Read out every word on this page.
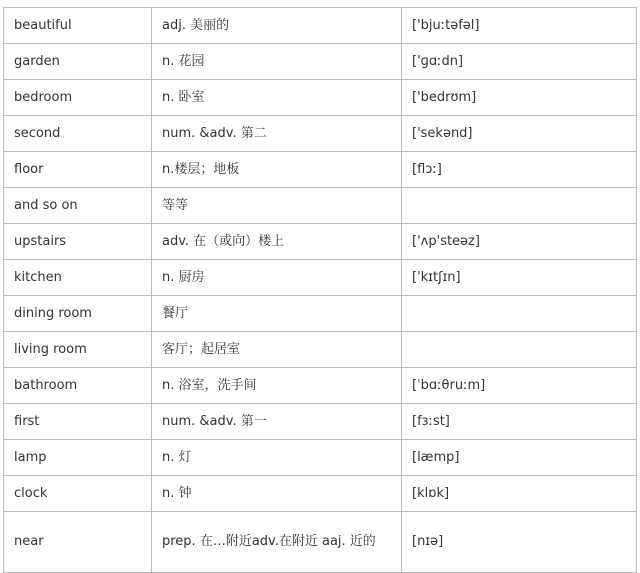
beautiful	adj. 美丽的	['bjuːtəfəl]
garden	n. 花园	['ɡɑːdn]
bedroom	n. 卧室	['bedrʊm]
second	num. &adv. 第二	['sekənd]
floor	n.楼层；地板	[flɔː]
and so on	等等	
upstairs	adv. 在（或向）楼上	['ʌp'steəz]
kitchen	n. 厨房	['kɪtʃɪn]
dining room	餐厅	
living room	客厅；起居室	
bathroom	n. 浴室，洗手间	[ˈbɑːθruːm]
first	num. &adv. 第一	[fɜːst]
lamp	n. 灯	[læmp]
clock	n. 钟	[klɒk]
near	prep. 在…附近adv.在附近 aaj. 近的	[nɪə]
